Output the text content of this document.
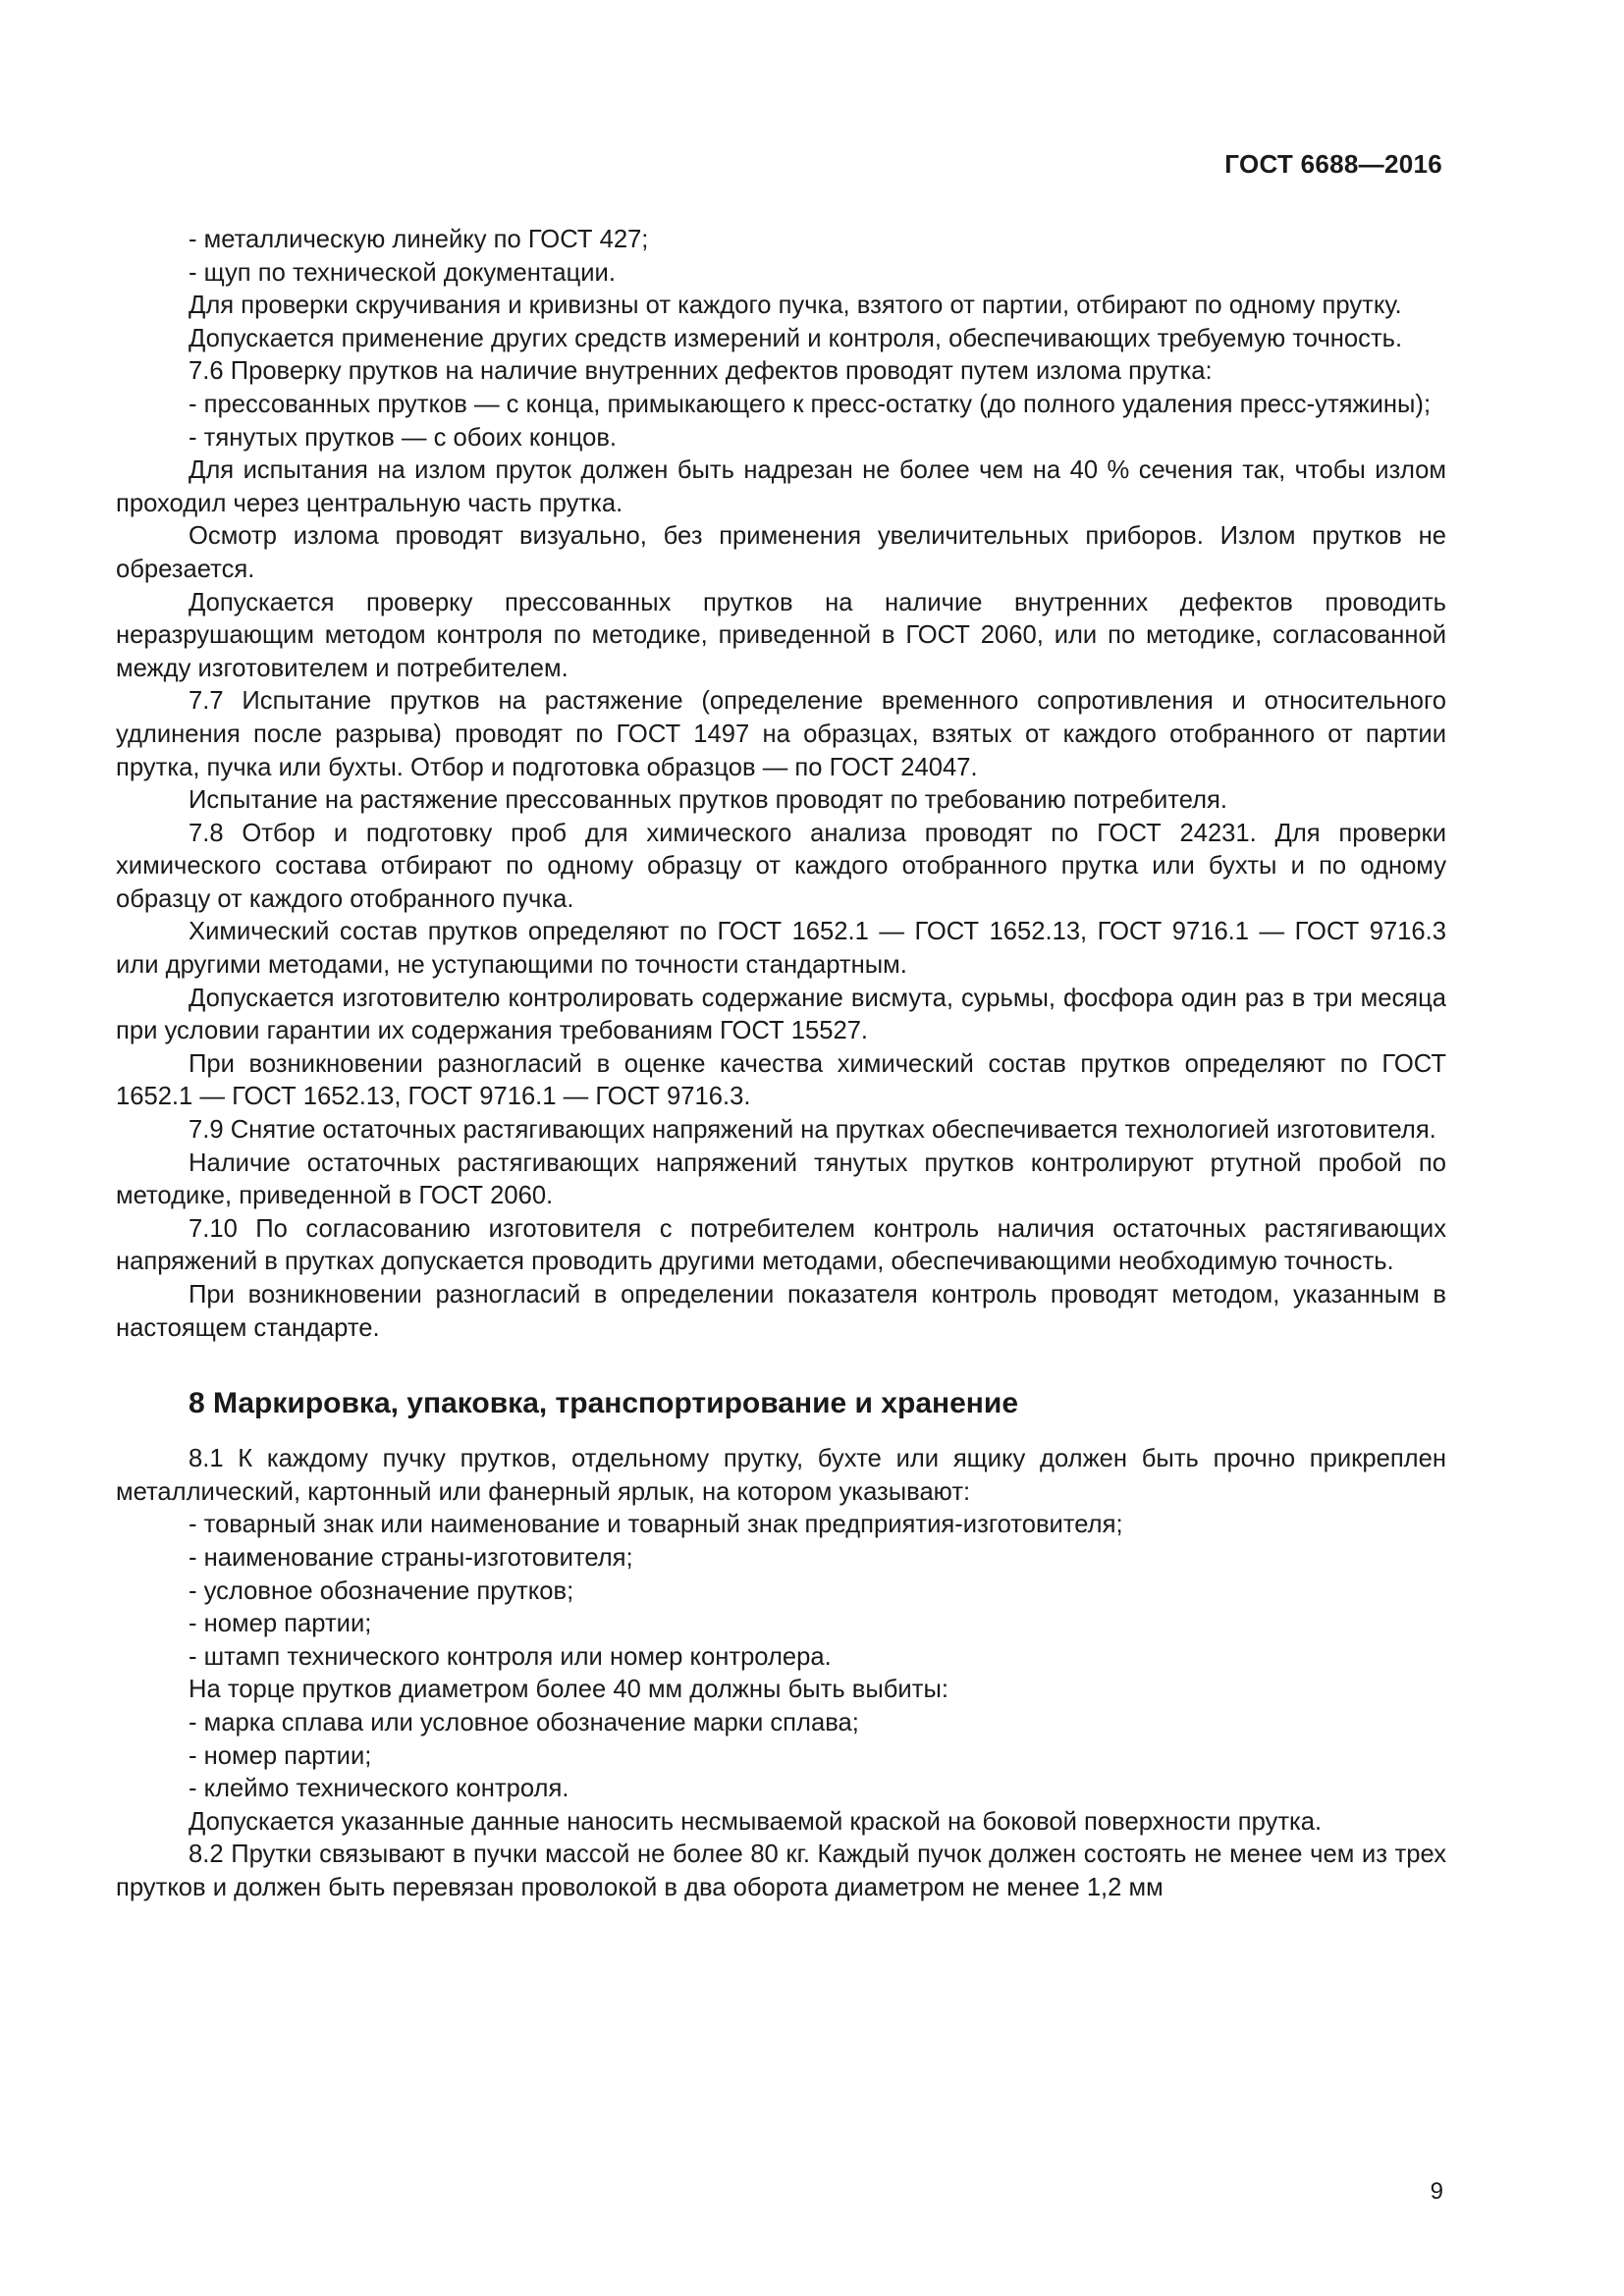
ГОСТ 6688—2016

- металлическую линейку по ГОСТ 427;

- щуп по технической документации.

Для проверки скручивания и кривизны от каждого пучка, взятого от партии, отбирают по одному прутку.

Допускается применение других средств измерений и контроля, обеспечивающих требуемую точность.

7.6 Проверку прутков на наличие внутренних дефектов проводят путем излома прутка:

- прессованных прутков — с конца, примыкающего к пресс-остатку (до полного удаления пресс-утяжины);

- тянутых прутков — с обоих концов.

Для испытания на излом пруток должен быть надрезан не более чем на 40 % сечения так, чтобы излом проходил через центральную часть прутка.

Осмотр излома проводят визуально, без применения увеличительных приборов. Излом прутков не обрезается.

Допускается проверку прессованных прутков на наличие внутренних дефектов проводить неразрушающим методом контроля по методике, приведенной в ГОСТ 2060, или по методике, согласованной между изготовителем и потребителем.

7.7 Испытание прутков на растяжение (определение временного сопротивления и относительного удлинения после разрыва) проводят по ГОСТ 1497 на образцах, взятых от каждого отобранного от партии прутка, пучка или бухты. Отбор и подготовка образцов — по ГОСТ 24047.

Испытание на растяжение прессованных прутков проводят по требованию потребителя.

7.8 Отбор и подготовку проб для химического анализа проводят по ГОСТ 24231. Для проверки химического состава отбирают по одному образцу от каждого отобранного прутка или бухты и по одному образцу от каждого отобранного пучка.

Химический состав прутков определяют по ГОСТ 1652.1 — ГОСТ 1652.13, ГОСТ 9716.1 — ГОСТ 9716.3 или другими методами, не уступающими по точности стандартным.

Допускается изготовителю контролировать содержание висмута, сурьмы, фосфора один раз в три месяца при условии гарантии их содержания требованиям ГОСТ 15527.

При возникновении разногласий в оценке качества химический состав прутков определяют по ГОСТ 1652.1 — ГОСТ 1652.13, ГОСТ 9716.1 — ГОСТ 9716.3.

7.9 Снятие остаточных растягивающих напряжений на прутках обеспечивается технологией изготовителя.

Наличие остаточных растягивающих напряжений тянутых прутков контролируют ртутной пробой по методике, приведенной в ГОСТ 2060.

7.10 По согласованию изготовителя с потребителем контроль наличия остаточных растягивающих напряжений в прутках допускается проводить другими методами, обеспечивающими необходимую точность.

При возникновении разногласий в определении показателя контроль проводят методом, указанным в настоящем стандарте.

8 Маркировка, упаковка, транспортирование и хранение

8.1 К каждому пучку прутков, отдельному прутку, бухте или ящику должен быть прочно прикреплен металлический, картонный или фанерный ярлык, на котором указывают:

- товарный знак или наименование и товарный знак предприятия-изготовителя;

- наименование страны-изготовителя;

- условное обозначение прутков;

- номер партии;

- штамп технического контроля или номер контролера.

На торце прутков диаметром более 40 мм должны быть выбиты:

- марка сплава или условное обозначение марки сплава;

- номер партии;

- клеймо технического контроля.

Допускается указанные данные наносить несмываемой краской на боковой поверхности прутка.

8.2 Прутки связывают в пучки массой не более 80 кг. Каждый пучок должен состоять не менее чем из трех прутков и должен быть перевязан проволокой в два оборота диаметром не менее 1,2 мм

9
